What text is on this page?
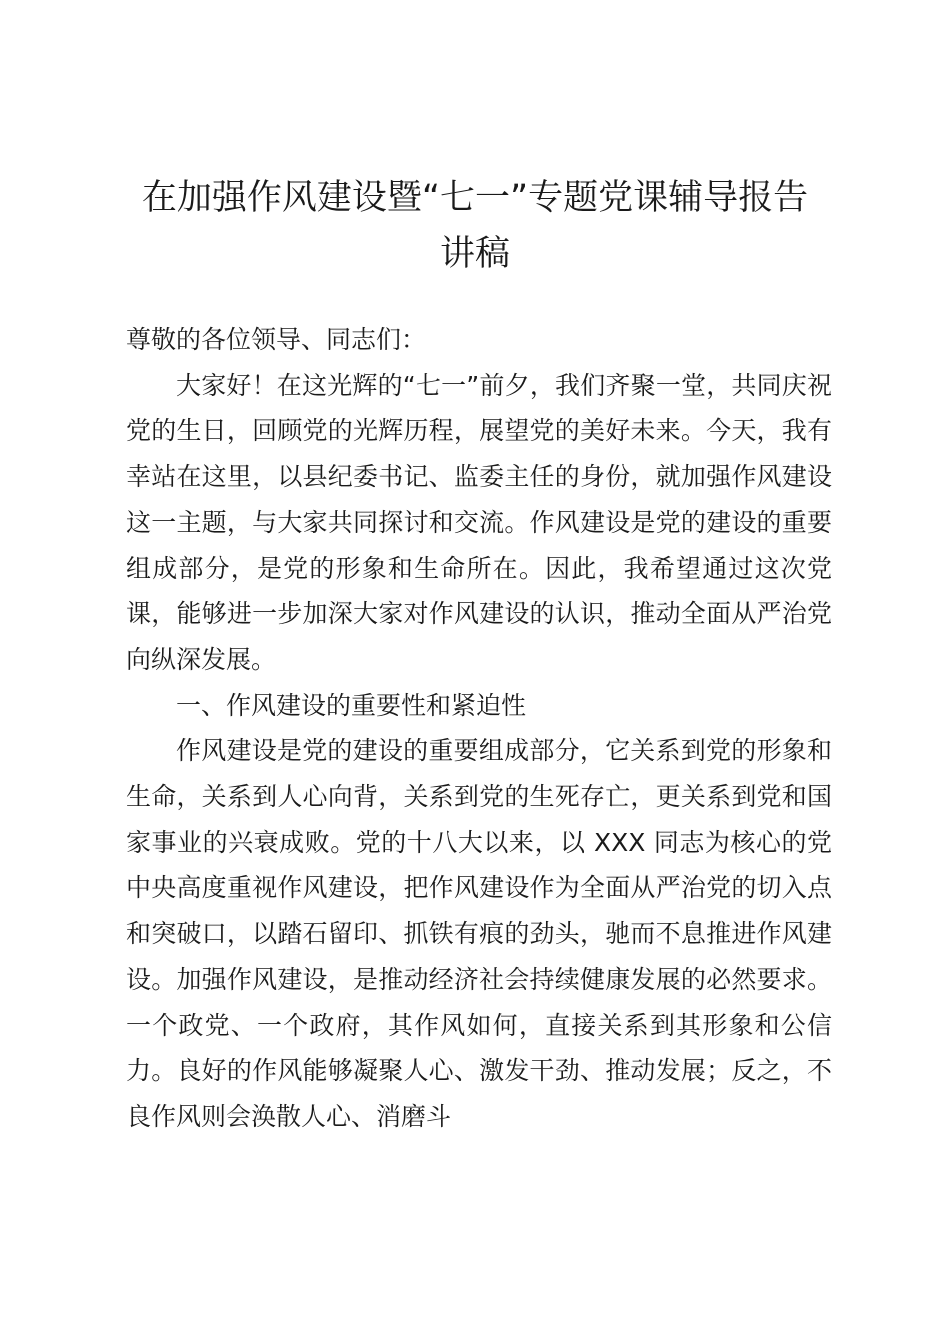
在加强作风建设暨“七一”专题党课辅导报告
讲稿

尊敬的各位领导、同志们：

大家好！在这光辉的“七一”前夕，我们齐聚一堂，共同庆祝党的生日，回顾党的光辉历程，展望党的美好未来。今天，我有幸站在这里，以县纪委书记、监委主任的身份，就加强作风建设这一主题，与大家共同探讨和交流。作风建设是党的建设的重要组成部分，是党的形象和生命所在。因此，我希望通过这次党课，能够进一步加深大家对作风建设的认识，推动全面从严治党向纵深发展。

一、作风建设的重要性和紧迫性

作风建设是党的建设的重要组成部分，它关系到党的形象和生命，关系到人心向背，关系到党的生死存亡，更关系到党和国家事业的兴衰成败。党的十八大以来，以 XXX 同志为核心的党中央高度重视作风建设，把作风建设作为全面从严治党的切入点和突破口，以踏石留印、抓铁有痕的劲头，驰而不息推进作风建设。加强作风建设，是推动经济社会持续健康发展的必然要求。一个政党、一个政府，其作风如何，直接关系到其形象和公信力。良好的作风能够凝聚人心、激发干劲、推动发展；反之，不良作风则会涣散人心、消磨斗
